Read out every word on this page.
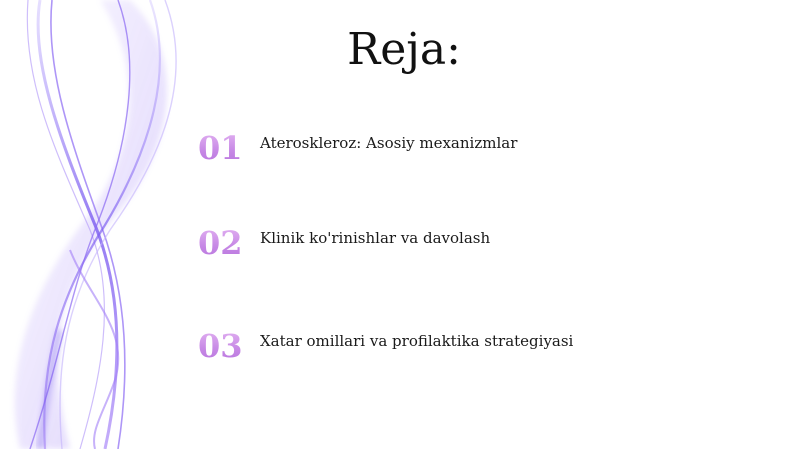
Reja:
01 Ateroskleroz: Asosiy mexanizmlar
02 Klinik ko'rinishlar va davolash
03 Xatar omillari va profilaktika strategiyasi
